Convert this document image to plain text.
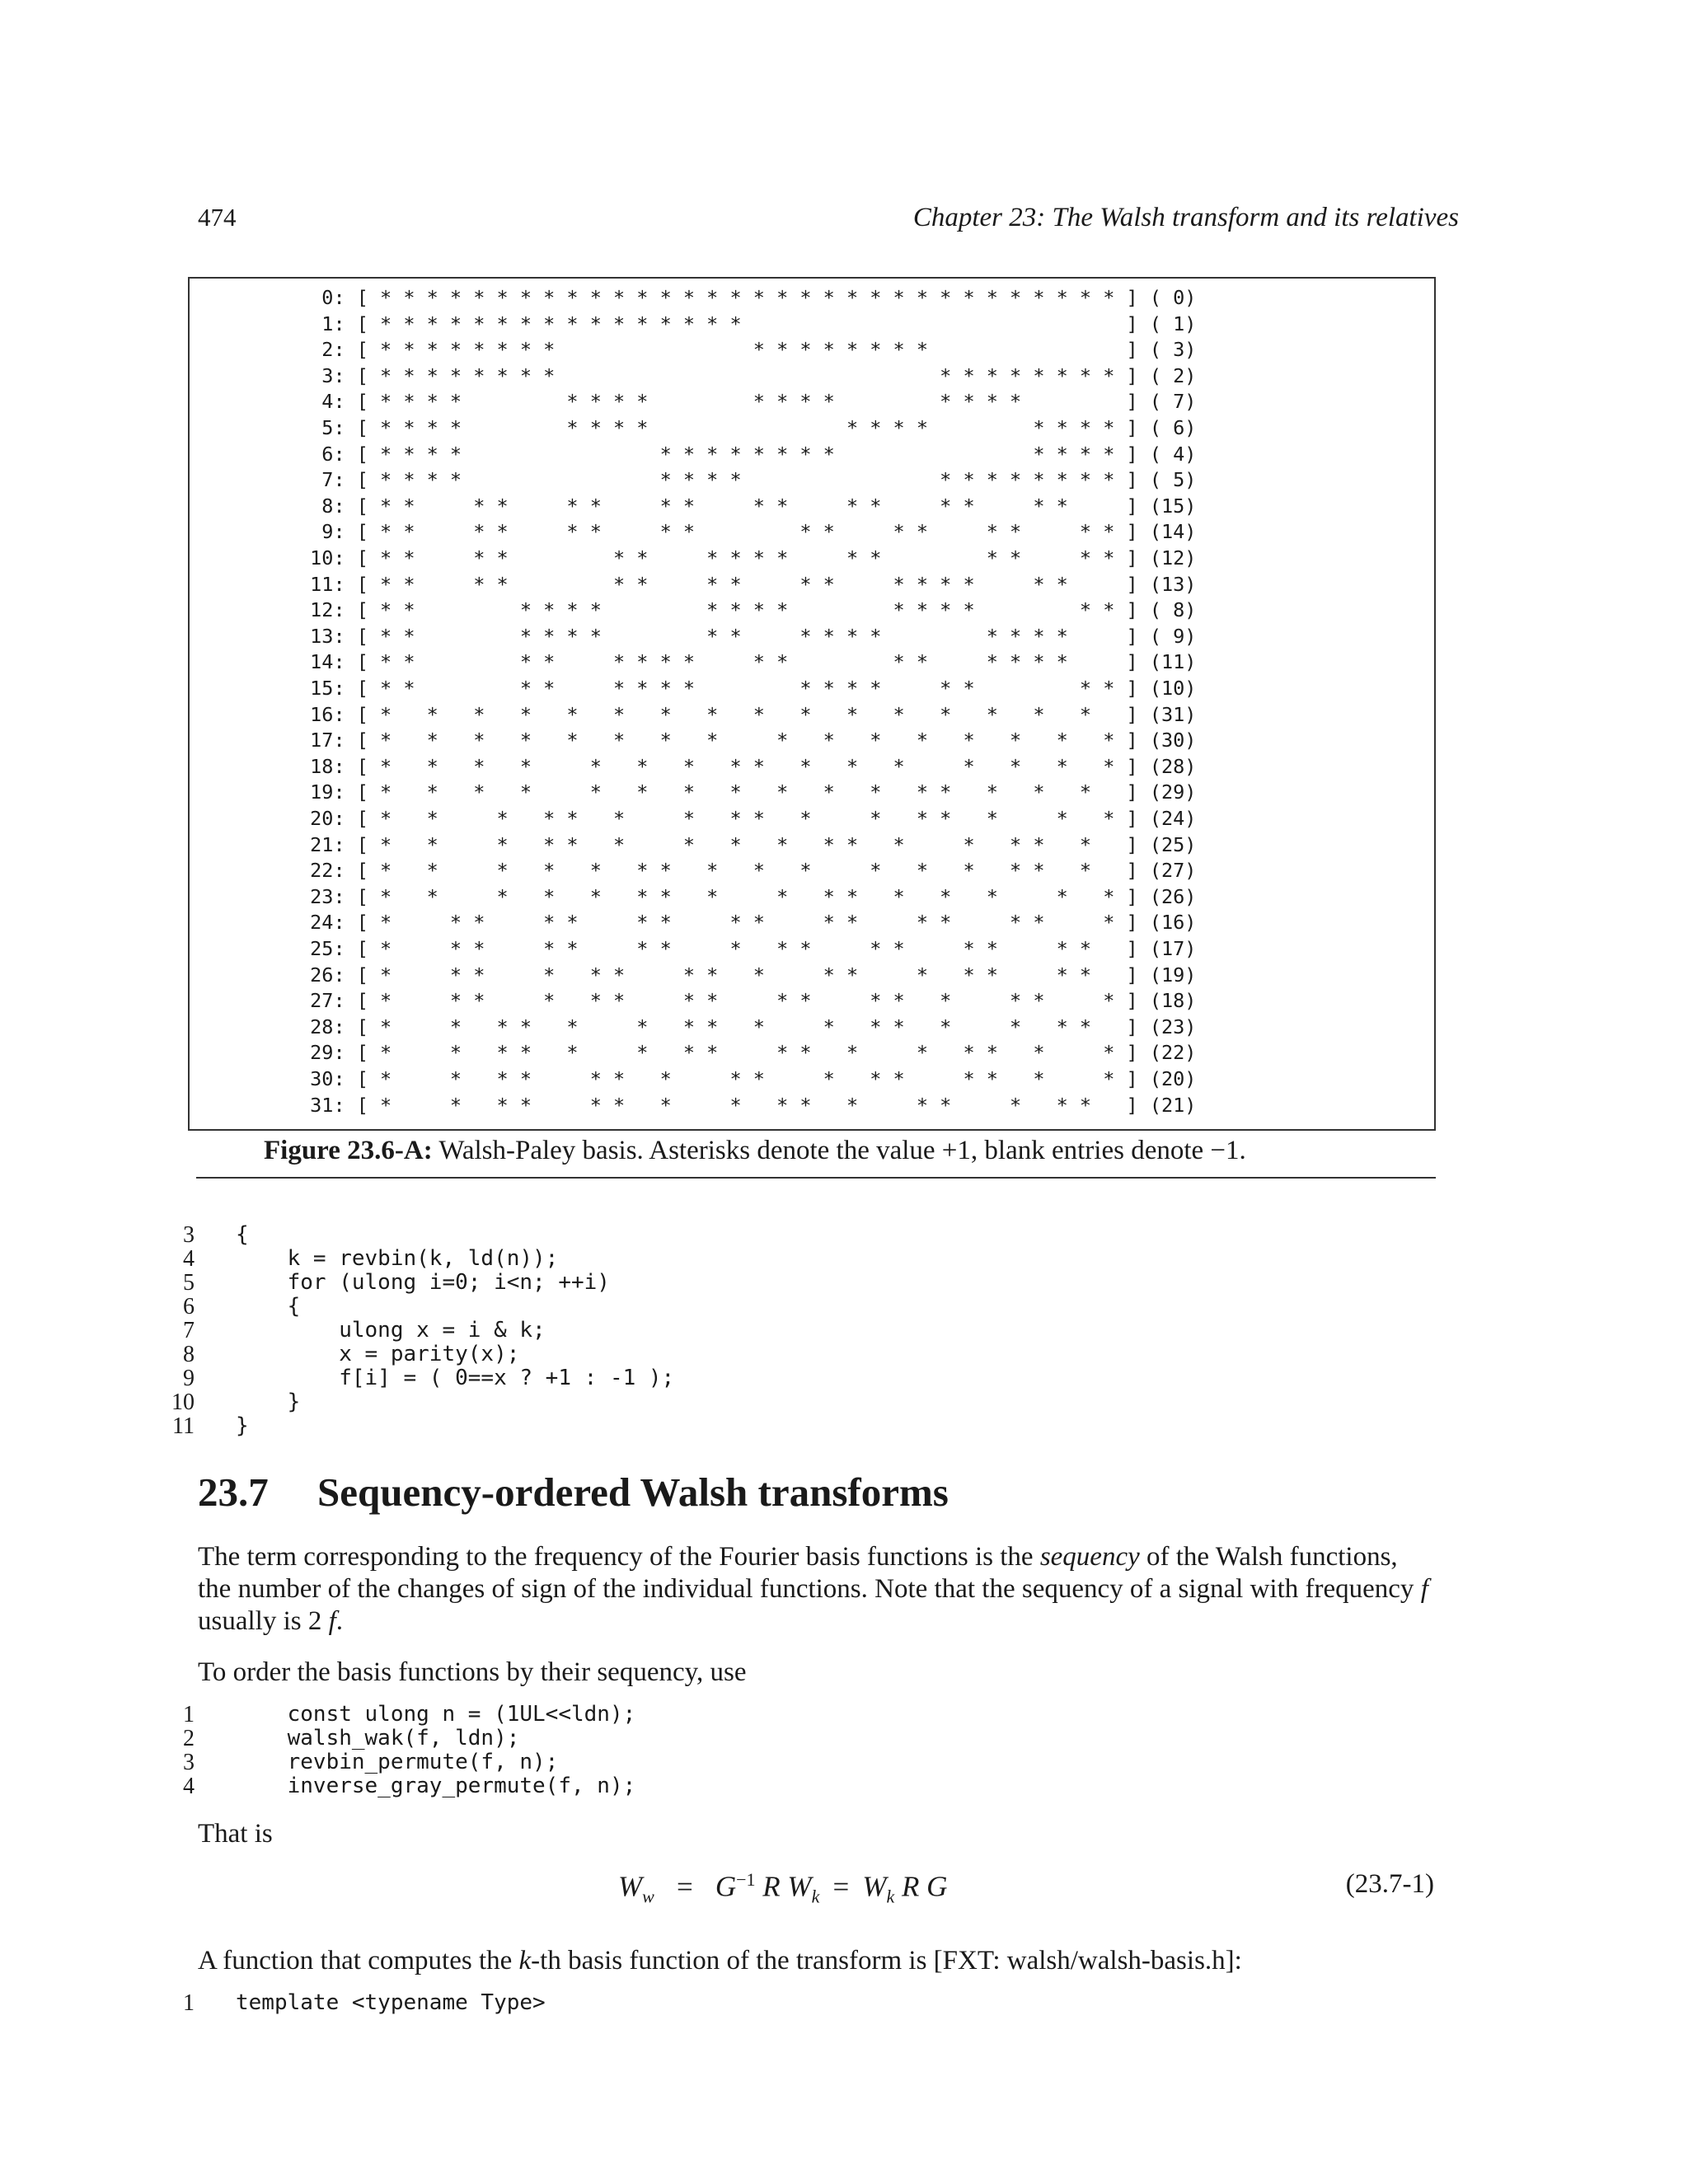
474	Chapter 23: The Walsh transform and its relatives
0: [ * * * * * * * * * * * * * * * * * * * * * * * * * * * * * * * * ] ( 0)
1: [ * * * * * * * * * * * * * * * *                                 ] ( 1)
2: [ * * * * * * * *                 * * * * * * * *                 ] ( 3)
3: [ * * * * * * * *                                 * * * * * * * * ] ( 2)
4: [ * * * *         * * * *         * * * *         * * * *         ] ( 7)
5: [ * * * *         * * * *                 * * * *         * * * * ] ( 6)
6: [ * * * *                 * * * * * * * *                 * * * * ] ( 4)
7: [ * * * *                 * * * *                 * * * * * * * * ] ( 5)
8: [ * *     * *     * *     * *     * *     * *     * *     * *     ] (15)
9: [ * *     * *     * *     * *         * *     * *     * *     * * ] (14)
10: [ * *     * *         * *     * * * *     * *         * *     * * ] (12)
11: [ * *     * *         * *     * *     * *     * * * *     * *     ] (13)
12: [ * *         * * * *         * * * *         * * * *         * * ] ( 8)
13: [ * *         * * * *         * *     * * * *         * * * *     ] ( 9)
14: [ * *         * *     * * * *     * *         * *     * * * *     ] (11)
15: [ * *         * *     * * * *         * * * *     * *         * * ] (10)
16: [ *   *   *   *   *   *   *   *   *   *   *   *   *   *   *   *   ] (31)
17: [ *   *   *   *   *   *   *   *     *   *   *   *   *   *   *   * ] (30)
18: [ *   *   *   *     *   *   *   * *   *   *   *     *   *   *   * ] (28)
19: [ *   *   *   *     *   *   *   *   *   *   *   * *   *   *   *   ] (29)
20: [ *   *     *   * *   *     *   * *   *     *   * *   *     *   * ] (24)
21: [ *   *     *   * *   *     *   *   *   * *   *     *   * *   *   ] (25)
22: [ *   *     *   *   *   * *   *   *   *     *   *   *   * *   *   ] (27)
23: [ *   *     *   *   *   * *   *     *   * *   *   *   *     *   * ] (26)
24: [ *     * *     * *     * *     * *     * *     * *     * *     * ] (16)
25: [ *     * *     * *     * *     *   * *     * *     * *     * *   ] (17)
26: [ *     * *     *   * *     * *   *     * *     *   * *     * *   ] (19)
27: [ *     * *     *   * *     * *     * *     * *   *     * *     * ] (18)
28: [ *     *   * *   *     *   * *   *     *   * *   *     *   * *   ] (23)
29: [ *     *   * *   *     *   * *     * *   *     *   * *   *     * ] (22)
30: [ *     *   * *     * *   *     * *     *   * *     * *   *     * ] (20)
31: [ *     *   * *     * *   *     *   * *   *     * *     *   * *   ] (21)
Figure 23.6-A: Walsh-Paley basis. Asterisks denote the value +1, blank entries denote −1.
3 {
4 k = revbin(k, ld(n));
5 for (ulong i=0; i<n; ++i)
6 {
7 ulong x = i & k;
8 x = parity(x);
9 f[i] = ( 0==x ? +1 : -1 );
10 }
11 }
23.7 Sequency-ordered Walsh transforms
The term corresponding to the frequency of the Fourier basis functions is the sequency of the Walsh functions, the number of the changes of sign of the individual functions. Note that the sequency of a signal with frequency f usually is 2 f.
To order the basis functions by their sequency, use
1 const ulong n = (1UL<<ldn);
2 walsh_wak(f, ldn);
3 revbin_permute(f, n);
4 inverse_gray_permute(f, n);
That is
$W_w = G^{-1}$ R $W_k = W_k$ R G	(23.7-1)
A function that computes the k-th basis function of the transform is [FXT: walsh/walsh-basis.h]:
1 template <typename Type>
